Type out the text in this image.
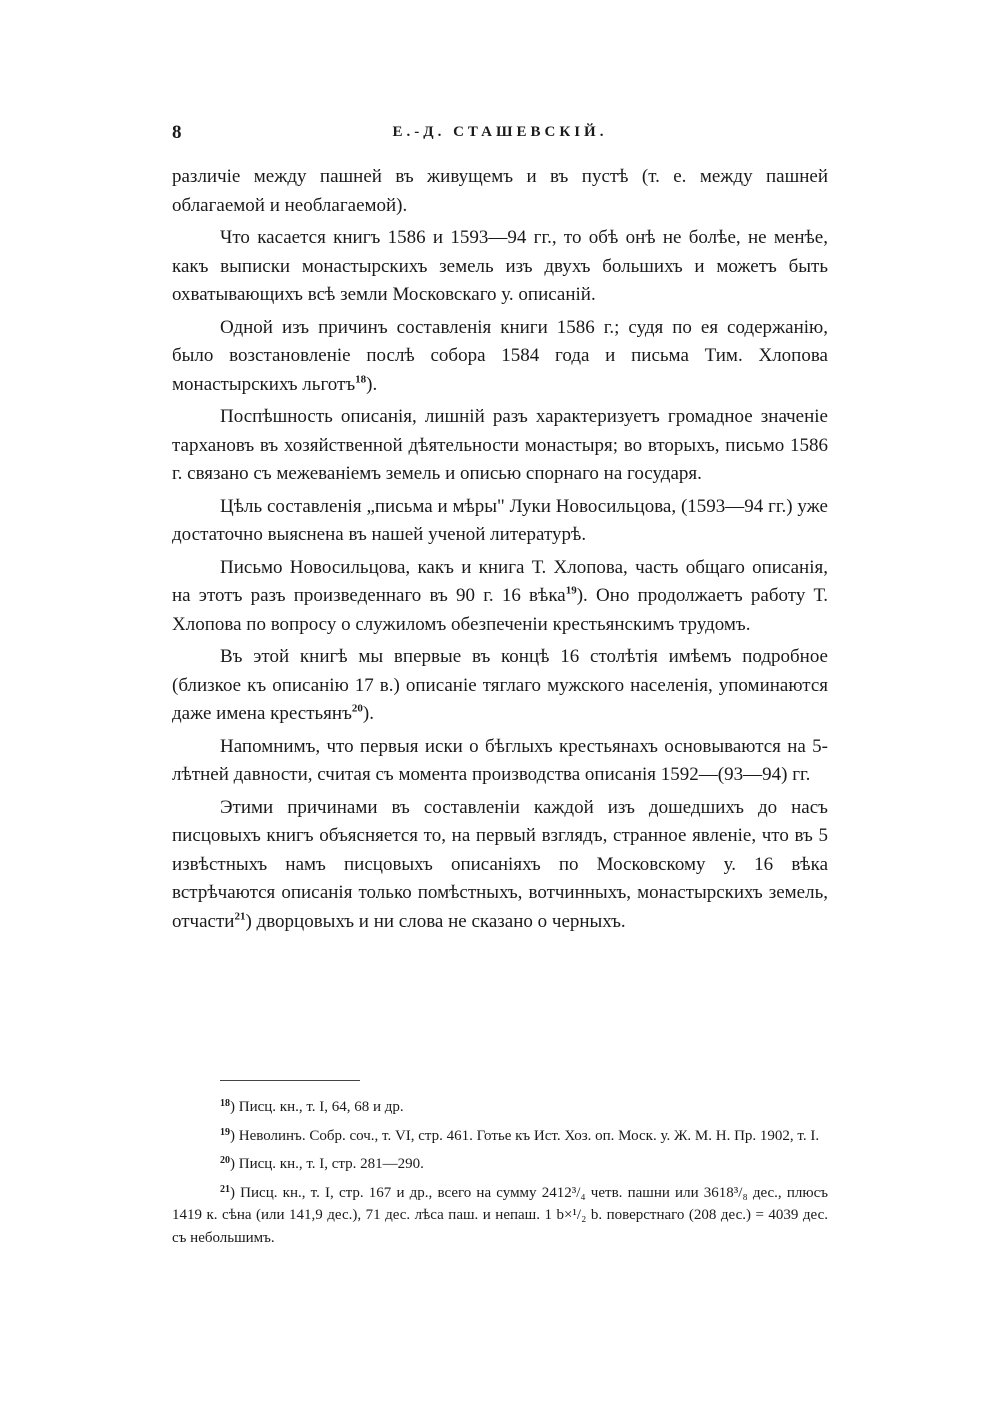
8	Е.-Д. СТАШЕВСКІЙ.

различіе между пашней въ живущемъ и въ пустѣ (т. е. между пашней облагаемой и необлагаемой).

Что касается книгъ 1586 и 1593—94 гг., то обѣ онѣ не болѣе, не менѣе, какъ выписки монастырскихъ земель изъ двухъ большихъ и можетъ быть охватывающихъ всѣ земли Московскаго у. описаній.

Одной изъ причинъ составленія книги 1586 г.; судя по ея содержанію, было возстановленіе послѣ собора 1584 года и письма Тим. Хлопова монастырскихъ льготъ$^{18}$).

Поспѣшность описанія, лишній разъ характеризуетъ громадное значеніе тархановъ въ хозяйственной дѣятельности монастыря; во вторыхъ, письмо 1586 г. связано съ межеваніемъ земель и описью спорнаго на государя.

Цѣль составленія „письма и мѣры" Луки Новосильцова, (1593—94 гг.) уже достаточно выяснена въ нашей ученой литературѣ.

Письмо Новосильцова, какъ и книга Т. Хлопова, часть общаго описанія, на этотъ разъ произведеннаго въ 90 г. 16 вѣка$^{19}$). Оно продолжаетъ работу Т. Хлопова по вопросу о служиломъ обезпеченіи крестьянскимъ трудомъ.

Въ этой книгѣ мы впервые въ концѣ 16 столѣтія имѣемъ подробное (близкое къ описанію 17 в.) описаніе тяглаго мужского населенія, упоминаются даже имена крестьянъ$^{20}$).

Напомнимъ, что первыя иски о бѣглыхъ крестьянахъ основываются на 5-лѣтней давности, считая съ момента производства описанія 1592—(93—94) гг.

Этими причинами въ составленіи каждой изъ дошедшихъ до насъ писцовыхъ книгъ объясняется то, на первый взглядъ, странное явленіе, что въ 5 извѣстныхъ намъ писцовыхъ описаніяхъ по Московскому у. 16 вѣка встрѣчаются описанія только помѣстныхъ, вотчинныхъ, монастырскихъ земель, отчасти$^{21}$) дворцовыхъ и ни слова не сказано о черныхъ.

$^{18}$) Писц. кн., т. I, 64, 68 и др.

$^{19}$) Неволинъ. Собр. соч., т. VI, стр. 461. Готье къ Ист. Хоз. оп. Моск. у. Ж. М. Н. Пр. 1902, т. I.

$^{20}$) Писц. кн., т. I, стр. 281—290.

$^{21}$) Писц. кн., т. I, стр. 167 и др., всего на сумму 2412³/₄ четв. пашни или 3618³/₈ дес., плюсъ 1419 к. сѣна (или 141,9 дес.), 71 дес. лѣса паш. и непаш. 1 b×¹/₂ b. поверстнаго (208 дес.) = 4039 дес. съ небольшимъ.
